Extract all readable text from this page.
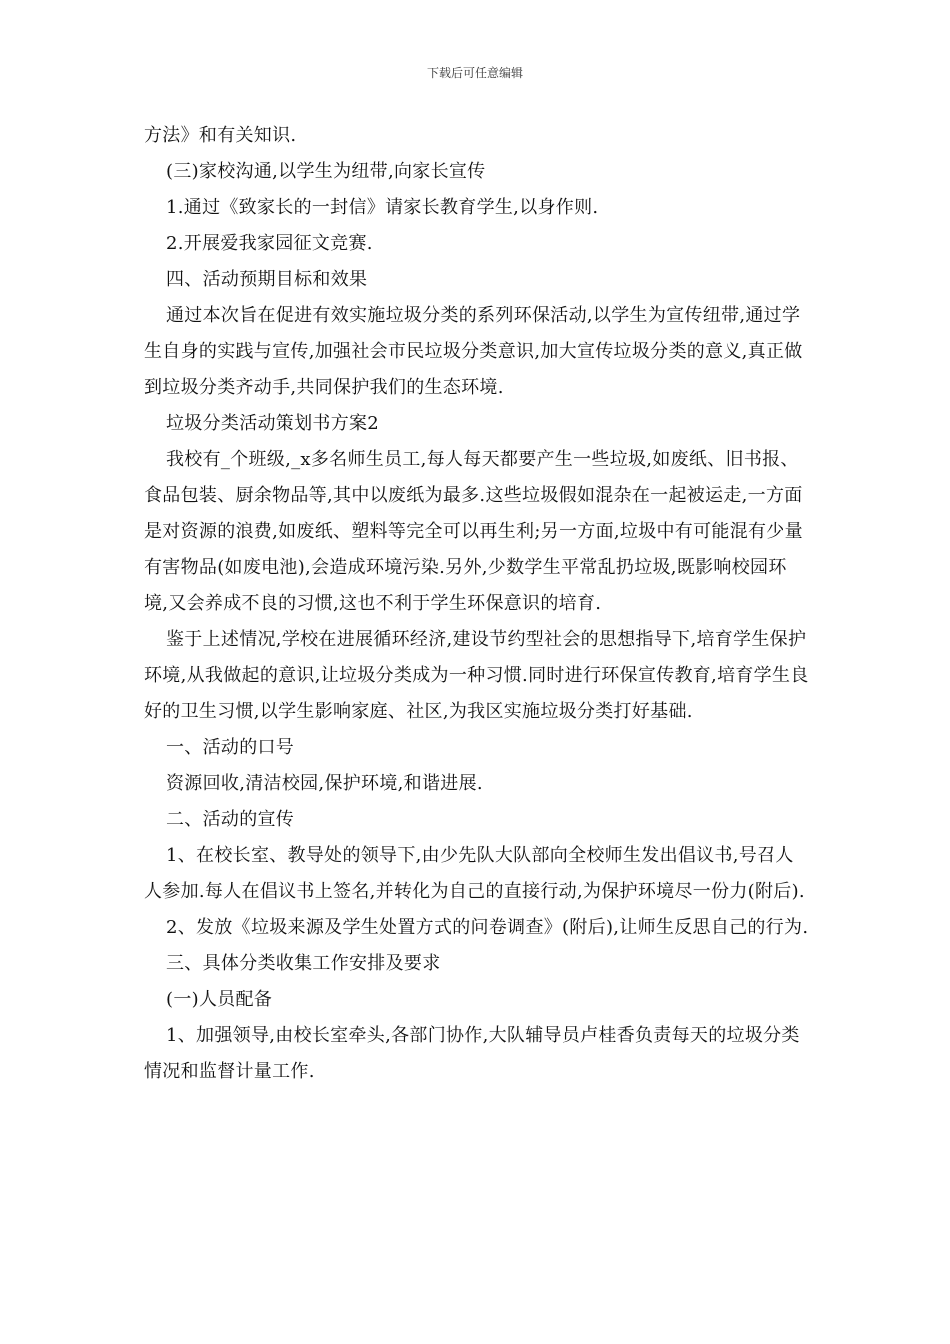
下载后可任意编辑

方法》和有关知识.

(三)家校沟通,以学生为纽带,向家长宣传

1.通过《致家长的一封信》请家长教育学生,以身作则.

2.开展爱我家园征文竞赛.

四、活动预期目标和效果

通过本次旨在促进有效实施垃圾分类的系列环保活动,以学生为宣传纽带,通过学生自身的实践与宣传,加强社会市民垃圾分类意识,加大宣传垃圾分类的意义,真正做到垃圾分类齐动手,共同保护我们的生态环境.

垃圾分类活动策划书方案2

我校有_个班级,_x多名师生员工,每人每天都要产生一些垃圾,如废纸、旧书报、食品包装、厨余物品等,其中以废纸为最多.这些垃圾假如混杂在一起被运走,一方面是对资源的浪费,如废纸、塑料等完全可以再生利;另一方面,垃圾中有可能混有少量有害物品(如废电池),会造成环境污染.另外,少数学生平常乱扔垃圾,既影响校园环境,又会养成不良的习惯,这也不利于学生环保意识的培育.

鉴于上述情况,学校在进展循环经济,建设节约型社会的思想指导下,培育学生保护环境,从我做起的意识,让垃圾分类成为一种习惯.同时进行环保宣传教育,培育学生良好的卫生习惯,以学生影响家庭、社区,为我区实施垃圾分类打好基础.

一、活动的口号

资源回收,清洁校园,保护环境,和谐进展.

二、活动的宣传

1、在校长室、教导处的领导下,由少先队大队部向全校师生发出倡议书,号召人人参加.每人在倡议书上签名,并转化为自己的直接行动,为保护环境尽一份力(附后).

2、发放《垃圾来源及学生处置方式的问卷调查》(附后),让师生反思自己的行为.

三、具体分类收集工作安排及要求

(一)人员配备

1、加强领导,由校长室牵头,各部门协作,大队辅导员卢桂香负责每天的垃圾分类情况和监督计量工作.
